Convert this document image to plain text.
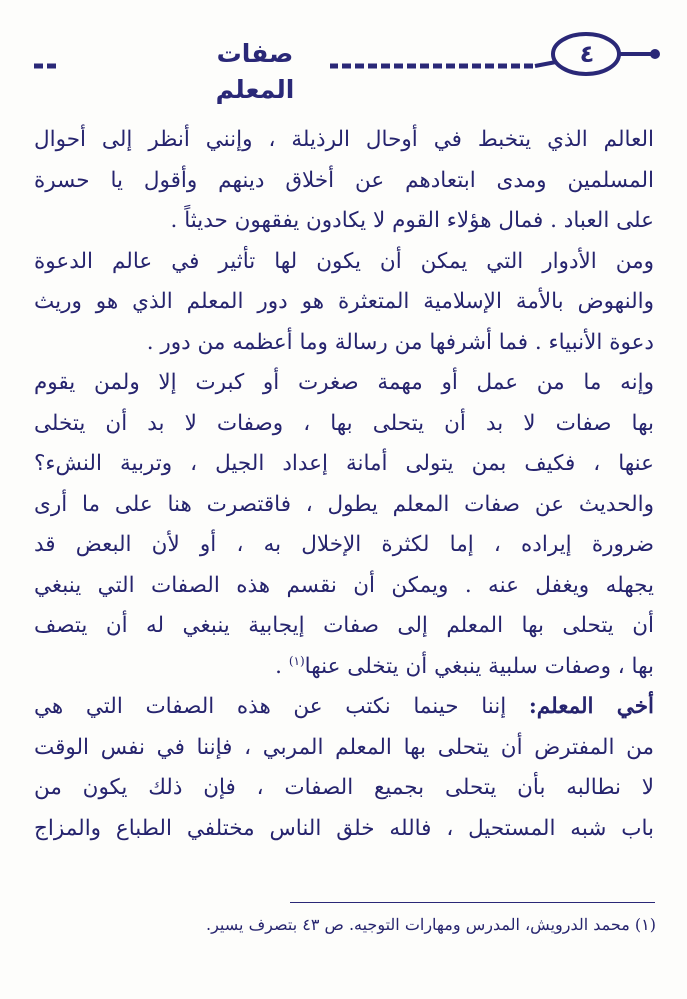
صفات المعلم
٤
العالم الذي يتخبط في أوحال الرذيلة ، وإنني أنظر إلى أحوال
المسلمين ومدى ابتعادهم عن أخلاق دينهم وأقول يا حسرة
على العباد . فمال هؤلاء القوم لا يكادون يفقهون حديثاً .
ومن الأدوار التي يمكن أن يكون لها تأثير في عالم الدعوة
والنهوض بالأمة الإسلامية المتعثرة هو دور المعلم الذي هو وريث
دعوة الأنبياء . فما أشرفها من رسالة وما أعظمه من دور .
وإنه ما من عمل أو مهمة صغرت أو كبرت إلا ولمن يقوم
بها صفات لا بد أن يتحلى بها ، وصفات لا بد أن يتخلى
عنها ، فكيف بمن يتولى أمانة إعداد الجيل ، وتربية النشء؟
والحديث عن صفات المعلم يطول ، فاقتصرت هنا على ما أرى
ضرورة إيراده ، إما لكثرة الإخلال به ، أو لأن البعض قد
يجهله ويغفل عنه . ويمكن أن نقسم هذه الصفات التي ينبغي
أن يتحلى بها المعلم إلى صفات إيجابية ينبغي له أن يتصف
بها ، وصفات سلبية ينبغي أن يتخلى عنها$^{(١)}$ .
أخي المعلم: إننا حينما نكتب عن هذه الصفات التي هي
من المفترض أن يتحلى بها المعلم المربي ، فإننا في نفس الوقت
لا نطالبه بأن يتحلى بجميع الصفات ، فإن ذلك يكون من
باب شبه المستحيل ، فالله خلق الناس مختلفي الطباع والمزاج
(١) محمد الدرويش، المدرس ومهارات التوجيه. ص ٤٣ بتصرف يسير.
